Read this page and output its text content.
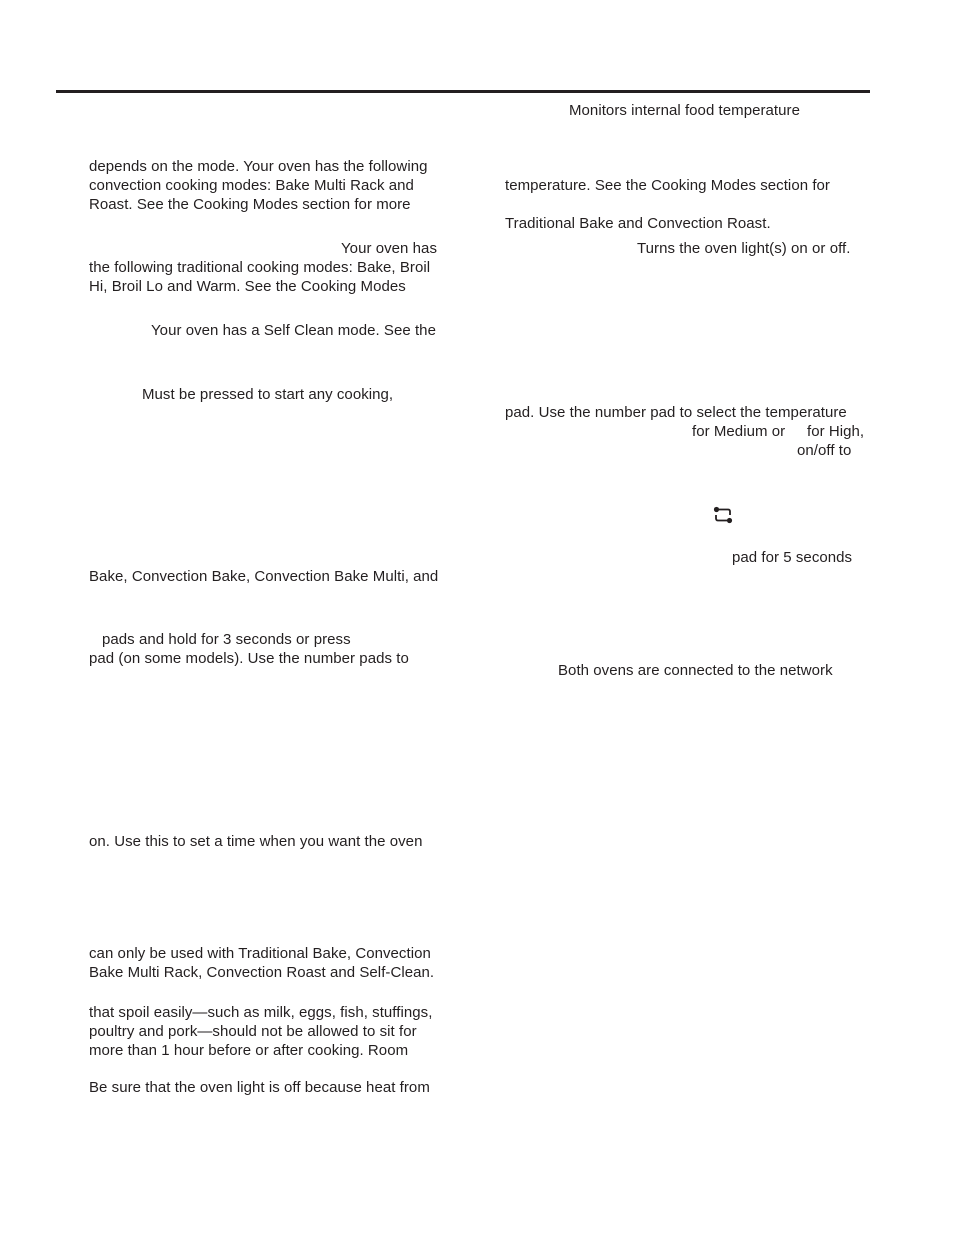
depends on the mode. Your oven has the following
convection cooking modes: Bake Multi Rack and
Roast. See the Cooking Modes section for more
Your oven has
the following traditional cooking modes: Bake, Broil
Hi, Broil Lo and Warm. See the Cooking Modes
Your oven has a Self Clean mode. See the
Must be pressed to start any cooking,
Bake, Convection Bake, Convection Bake Multi, and
pads and hold for 3 seconds or press
pad (on some models). Use the number pads to
on. Use this to set a time when you want the oven
can only be used with Traditional Bake, Convection
Bake Multi Rack, Convection Roast and Self-Clean.
that spoil easily—such as milk, eggs, fish, stuffings,
poultry and pork—should not be allowed to sit for
more than 1 hour before or after cooking. Room
Be sure that the oven light is off because heat from
Monitors internal food temperature
temperature. See the Cooking Modes section for
Traditional Bake and Convection Roast.
Turns the oven light(s) on or off.
pad. Use the number pad to select the temperature
for Medium or for High,
on/off to
pad for 5 seconds
Both ovens are connected to the network
